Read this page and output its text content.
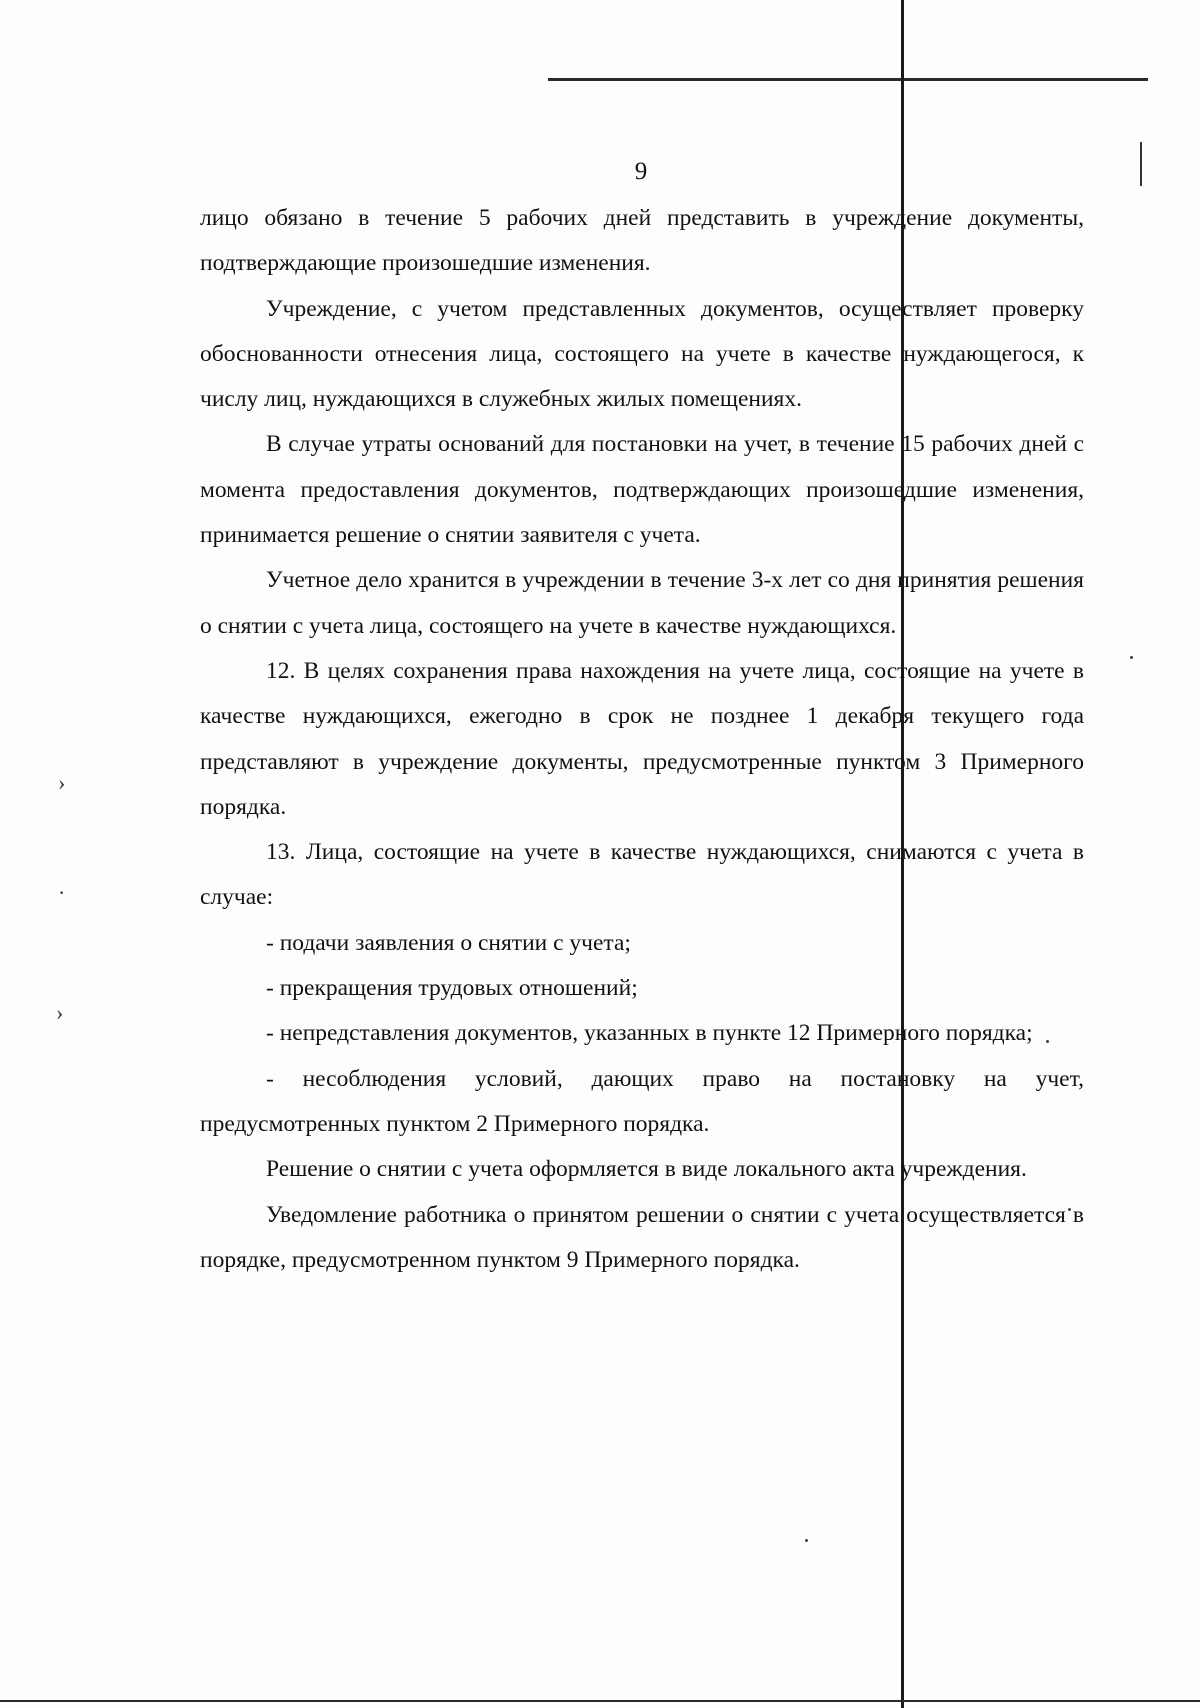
›
·
›
9

лицо обязано в течение 5 рабочих дней представить в учреждение документы, подтверждающие произошедшие изменения.

Учреждение, с учетом представленных документов, осуществляет проверку обоснованности отнесения лица, состоящего на учете в качестве нуждающегося, к числу лиц, нуждающихся в служебных жилых помещениях.

В случае утраты оснований для постановки на учет, в течение 15 рабочих дней с момента предоставления документов, подтверждающих произошедшие изменения, принимается решение о снятии заявителя с учета.

Учетное дело хранится в учреждении в течение 3-х лет со дня принятия решения о снятии с учета лица, состоящего на учете в качестве нуждающихся.

12. В целях сохранения права нахождения на учете лица, состоящие на учете в качестве нуждающихся, ежегодно в срок не позднее 1 декабря текущего года представляют в учреждение документы, предусмотренные пунктом 3 Примерного порядка.

13. Лица, состоящие на учете в качестве нуждающихся, снимаются с учета в случае:

- подачи заявления о снятии с учета;

- прекращения трудовых отношений;

- непредставления документов, указанных в пункте 12 Примерного порядка;

- несоблюдения условий, дающих право на постановку на учет, предусмотренных пунктом 2 Примерного порядка.

Решение о снятии с учета оформляется в виде локального акта учреждения.

Уведомление работника о принятом решении о снятии с учета осуществляется в порядке, предусмотренном пунктом 9 Примерного порядка.
